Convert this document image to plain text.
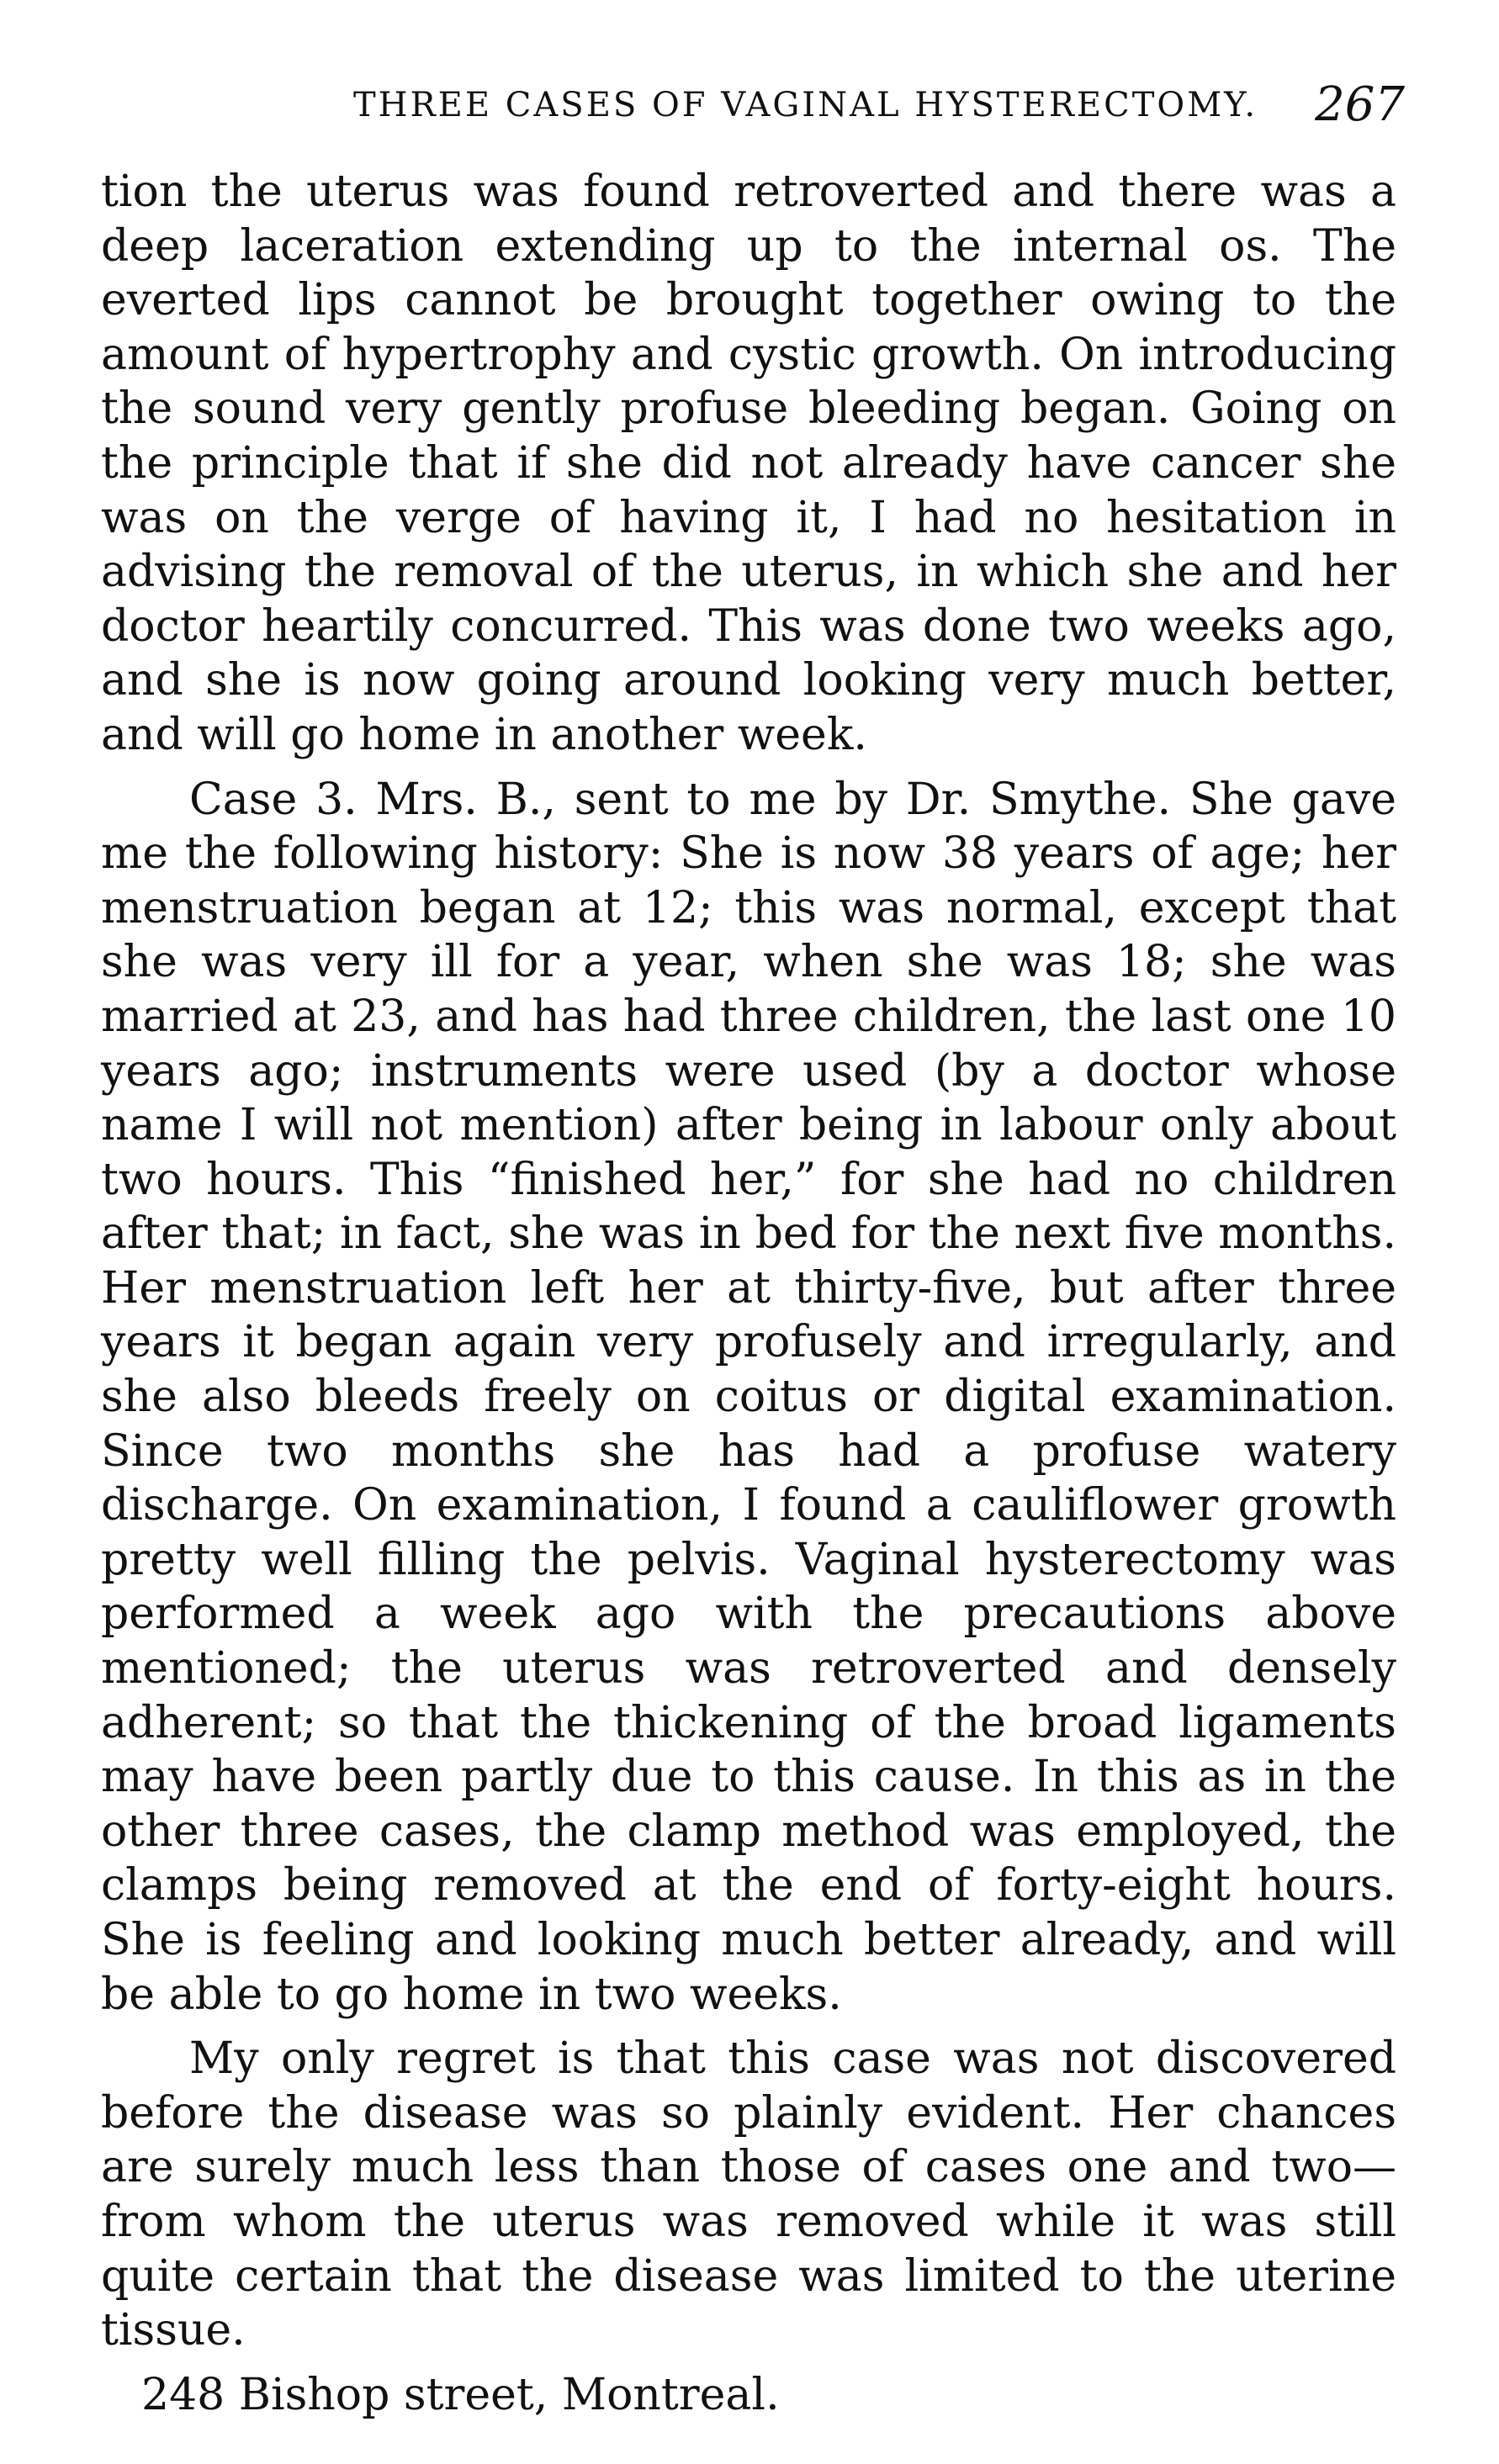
THREE CASES OF VAGINAL HYSTERECTOMY. 267

tion the uterus was found retroverted and there was a deep laceration extending up to the internal os. The everted lips cannot be brought together owing to the amount of hypertrophy and cystic growth. On introducing the sound very gently profuse bleeding began. Going on the principle that if she did not already have cancer she was on the verge of having it, I had no hesitation in advising the removal of the uterus, in which she and her doctor heartily concurred. This was done two weeks ago, and she is now going around looking very much better, and will go home in another week.

Case 3. Mrs. B., sent to me by Dr. Smythe. She gave me the following history: She is now 38 years of age; her menstruation began at 12; this was normal, except that she was very ill for a year, when she was 18; she was married at 23, and has had three children, the last one 10 years ago; instruments were used (by a doctor whose name I will not mention) after being in labour only about two hours. This “finished her,” for she had no children after that; in fact, she was in bed for the next five months. Her menstruation left her at thirty-five, but after three years it began again very profusely and irregularly, and she also bleeds freely on coitus or digital examination. Since two months she has had a profuse watery discharge. On examination, I found a cauliflower growth pretty well filling the pelvis. Vaginal hysterectomy was performed a week ago with the precautions above mentioned; the uterus was retroverted and densely adherent; so that the thickening of the broad ligaments may have been partly due to this cause. In this as in the other three cases, the clamp method was employed, the clamps being removed at the end of forty-eight hours. She is feeling and looking much better already, and will be able to go home in two weeks.

My only regret is that this case was not discovered before the disease was so plainly evident. Her chances are surely much less than those of cases one and two—from whom the uterus was removed while it was still quite certain that the disease was limited to the uterine tissue.

248 Bishop street, Montreal.
